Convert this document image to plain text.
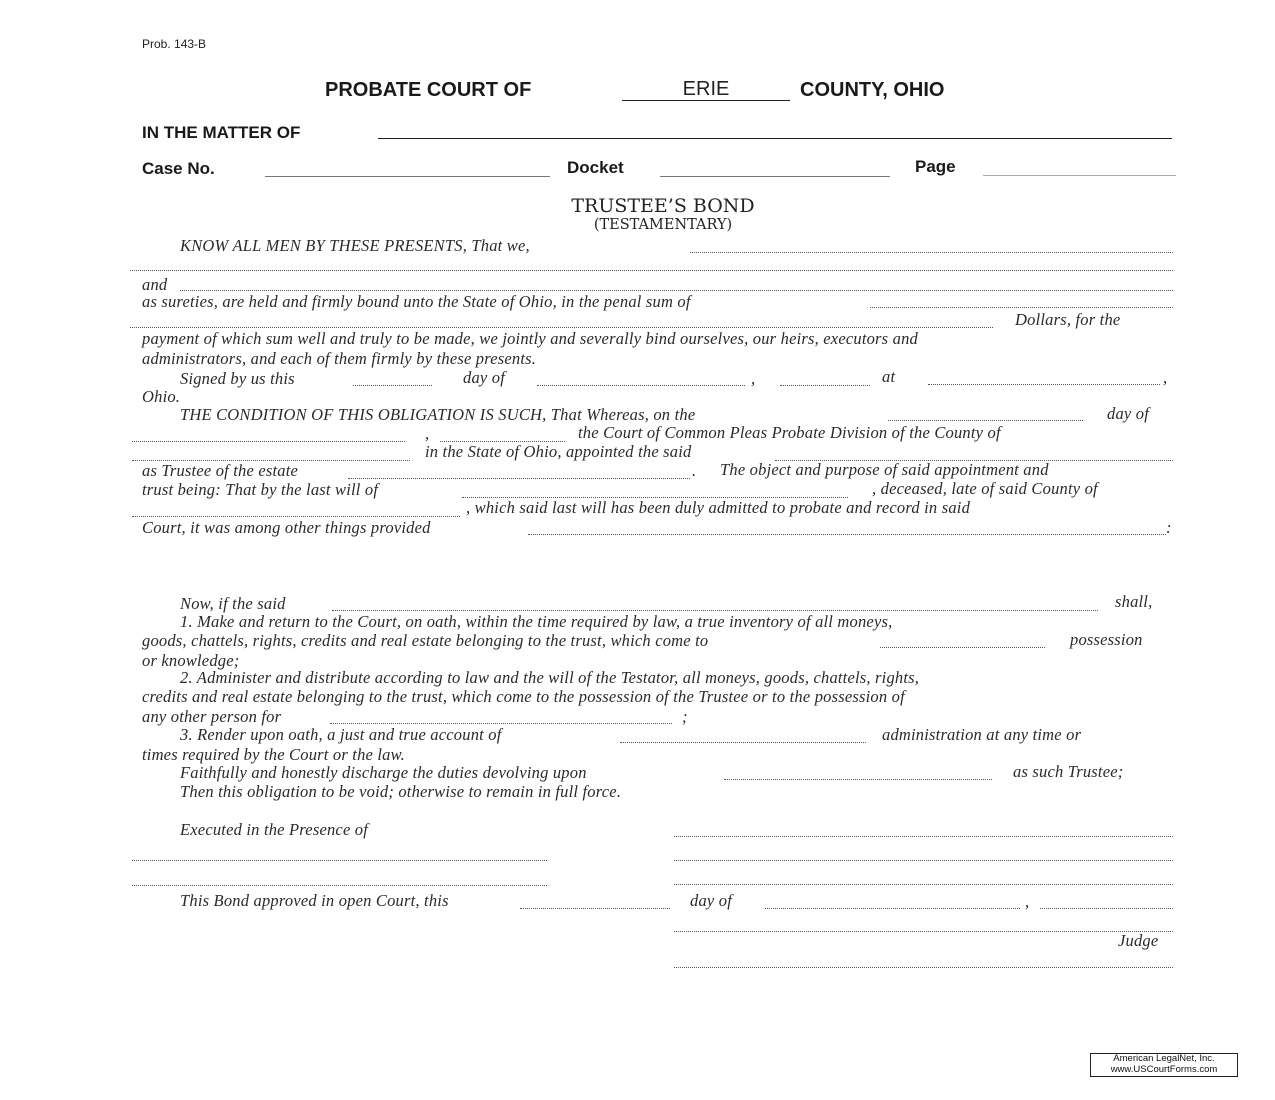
Prob. 143-B
PROBATE COURT OF	ERIE	COUNTY, OHIO
IN THE MATTER OF
Case No.	Docket	Page
TRUSTEE’S BOND
(TESTAMENTARY)
KNOW ALL MEN BY THESE PRESENTS, That we,
and
as sureties, are held and firmly bound unto the State of Ohio, in the penal sum of
Dollars, for the
payment of which sum well and truly to be made, we jointly and severally bind ourselves, our heirs, executors and
administrators, and each of them firmly by these presents.
Signed by us this	day of	,	at	,
Ohio.
THE CONDITION OF THIS OBLIGATION IS SUCH, That Whereas, on the	day of
,	the Court of Common Pleas Probate Division of the County of
in the State of Ohio, appointed the said
as Trustee of the estate	. The object and purpose of said appointment and
trust being: That by the last will of	, deceased, late of said County of
, which said last will has been duly admitted to probate and record in said
Court, it was among other things provided	:
Now, if the said	shall,
1. Make and return to the Court, on oath, within the time required by law, a true inventory of all moneys,
goods, chattels, rights, credits and real estate belonging to the trust, which come to	possession
or knowledge;
2. Administer and distribute according to law and the will of the Testator, all moneys, goods, chattels, rights,
credits and real estate belonging to the trust, which come to the possession of the Trustee or to the possession of
any other person for	;
3. Render upon oath, a just and true account of	administration at any time or
times required by the Court or the law.
Faithfully and honestly discharge the duties devolving upon	as such Trustee;
Then this obligation to be void; otherwise to remain in full force.
Executed in the Presence of
This Bond approved in open Court, this	day of	,
Judge
American LegalNet, Inc.
www.USCourtForms.com
